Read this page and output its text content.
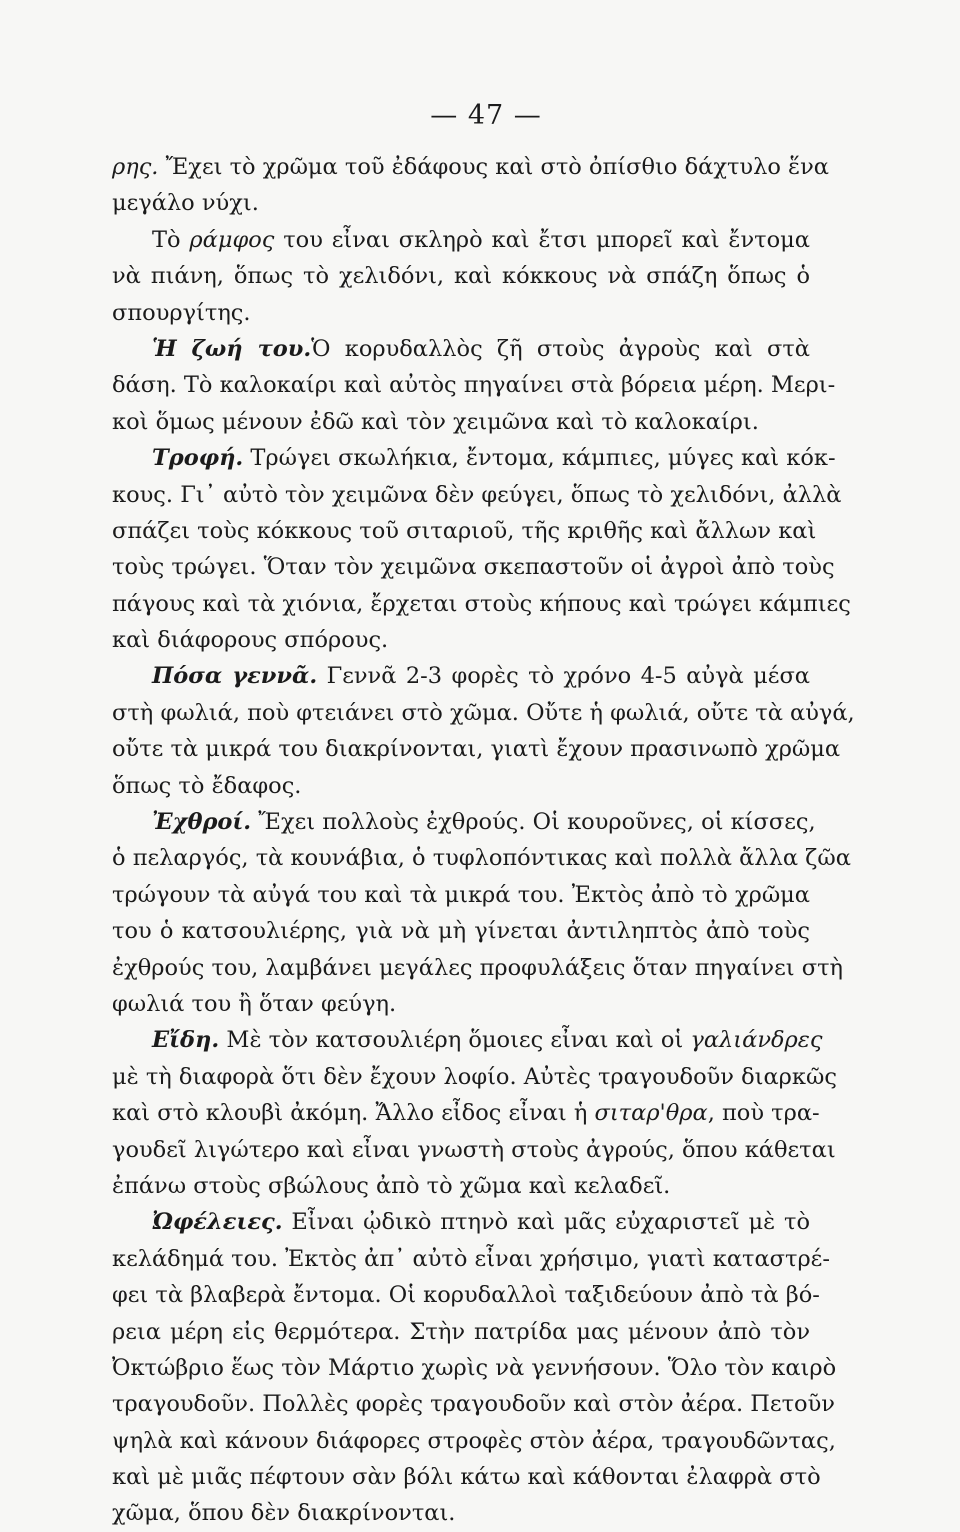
— 47 —
ρης. Ἔχει τὸ χρῶμα τοῦ ἐδάφους καὶ στὸ ὀπίσθιο δάχτυλο ἕνα
μεγάλο νύχι.
Τὸ ράμφος του εἶναι σκληρὸ καὶ ἔτσι μπορεῖ καὶ ἔντομα
νὰ πιάνη, ὅπως τὸ χελιδόνι, καὶ κόκκους νὰ σπάζη ὅπως ὁ
σπουργίτης.
Ἡ ζωή του.Ὁ κορυδαλλὸς ζῆ στοὺς ἀγροὺς καὶ στὰ
δάση. Τὸ καλοκαίρι καὶ αὐτὸς πηγαίνει στὰ βόρεια μέρη. Μερι-
κοὶ ὅμως μένουν ἐδῶ καὶ τὸν χειμῶνα καὶ τὸ καλοκαίρι.
Τροφή. Τρώγει σκωλήκια, ἔντομα, κάμπιες, μύγες καὶ κόκ-
κους. Γι᾽ αὐτὸ τὸν χειμῶνα δὲν φεύγει, ὅπως τὸ χελιδόνι, ἀλλὰ
σπάζει τοὺς κόκκους τοῦ σιταριοῦ, τῆς κριθῆς καὶ ἄλλων καὶ
τοὺς τρώγει. Ὅταν τὸν χειμῶνα σκεπαστοῦν οἱ ἀγροὶ ἀπὸ τοὺς
πάγους καὶ τὰ χιόνια, ἔρχεται στοὺς κήπους καὶ τρώγει κάμπιες
καὶ διάφορους σπόρους.
Πόσα γεννᾶ. Γεννᾶ 2-3 φορὲς τὸ χρόνο 4-5 αὐγὰ μέσα
στὴ φωλιά, ποὺ φτειάνει στὸ χῶμα. Οὔτε ἡ φωλιά, οὔτε τὰ αὐγά,
οὔτε τὰ μικρά του διακρίνονται, γιατὶ ἔχουν πρασινωπὸ χρῶμα
ὅπως τὸ ἔδαφος.
Ἐχθροί. Ἔχει πολλοὺς ἐχθρούς. Οἱ κουροῦνες, οἱ κίσσες,
ὁ πελαργός, τὰ κουνάβια, ὁ τυφλοπόντικας καὶ πολλὰ ἄλλα ζῶα
τρώγουν τὰ αὐγά του καὶ τὰ μικρά του. Ἐκτὸς ἀπὸ τὸ χρῶμα
του ὁ κατσουλιέρης, γιὰ νὰ μὴ γίνεται ἀντιληπτὸς ἀπὸ τοὺς
ἐχθρούς του, λαμβάνει μεγάλες προφυλάξεις ὅταν πηγαίνει στὴ
φωλιά του ἢ ὅταν φεύγη.
Εἴδη. Μὲ τὸν κατσουλιέρη ὅμοιες εἶναι καὶ οἱ γαλιάνδρες
μὲ τὴ διαφορὰ ὅτι δὲν ἔχουν λοφίο. Αὐτὲς τραγουδοῦν διαρκῶς
καὶ στὸ κλουβὶ ἀκόμη. Ἄλλο εἶδος εἶναι ἡ σιταρ'θρα, ποὺ τρα-
γουδεῖ λιγώτερο καὶ εἶναι γνωστὴ στοὺς ἀγρούς, ὅπου κάθεται
ἐπάνω στοὺς σβώλους ἀπὸ τὸ χῶμα καὶ κελαδεῖ.
Ὠφέλειες. Εἶναι ᾠδικὸ πτηνὸ καὶ μᾶς εὐχαριστεῖ μὲ τὸ
κελάδημά του. Ἐκτὸς ἀπ᾽ αὐτὸ εἶναι χρήσιμο, γιατὶ καταστρέ-
φει τὰ βλαβερὰ ἔντομα. Οἱ κορυδαλλοὶ ταξιδεύουν ἀπὸ τὰ βό-
ρεια μέρη εἰς θερμότερα. Στὴν πατρίδα μας μένουν ἀπὸ τὸν
Ὀκτώβριο ἕως τὸν Μάρτιο χωρὶς νὰ γεννήσουν. Ὅλο τὸν καιρὸ
τραγουδοῦν. Πολλὲς φορὲς τραγουδοῦν καὶ στὸν ἀέρα. Πετοῦν
ψηλὰ καὶ κάνουν διάφορες στροφὲς στὸν ἀέρα, τραγουδῶντας,
καὶ μὲ μιᾶς πέφτουν σὰν βόλι κάτω καὶ κάθονται ἐλαφρὰ στὸ
χῶμα, ὅπου δὲν διακρίνονται.
